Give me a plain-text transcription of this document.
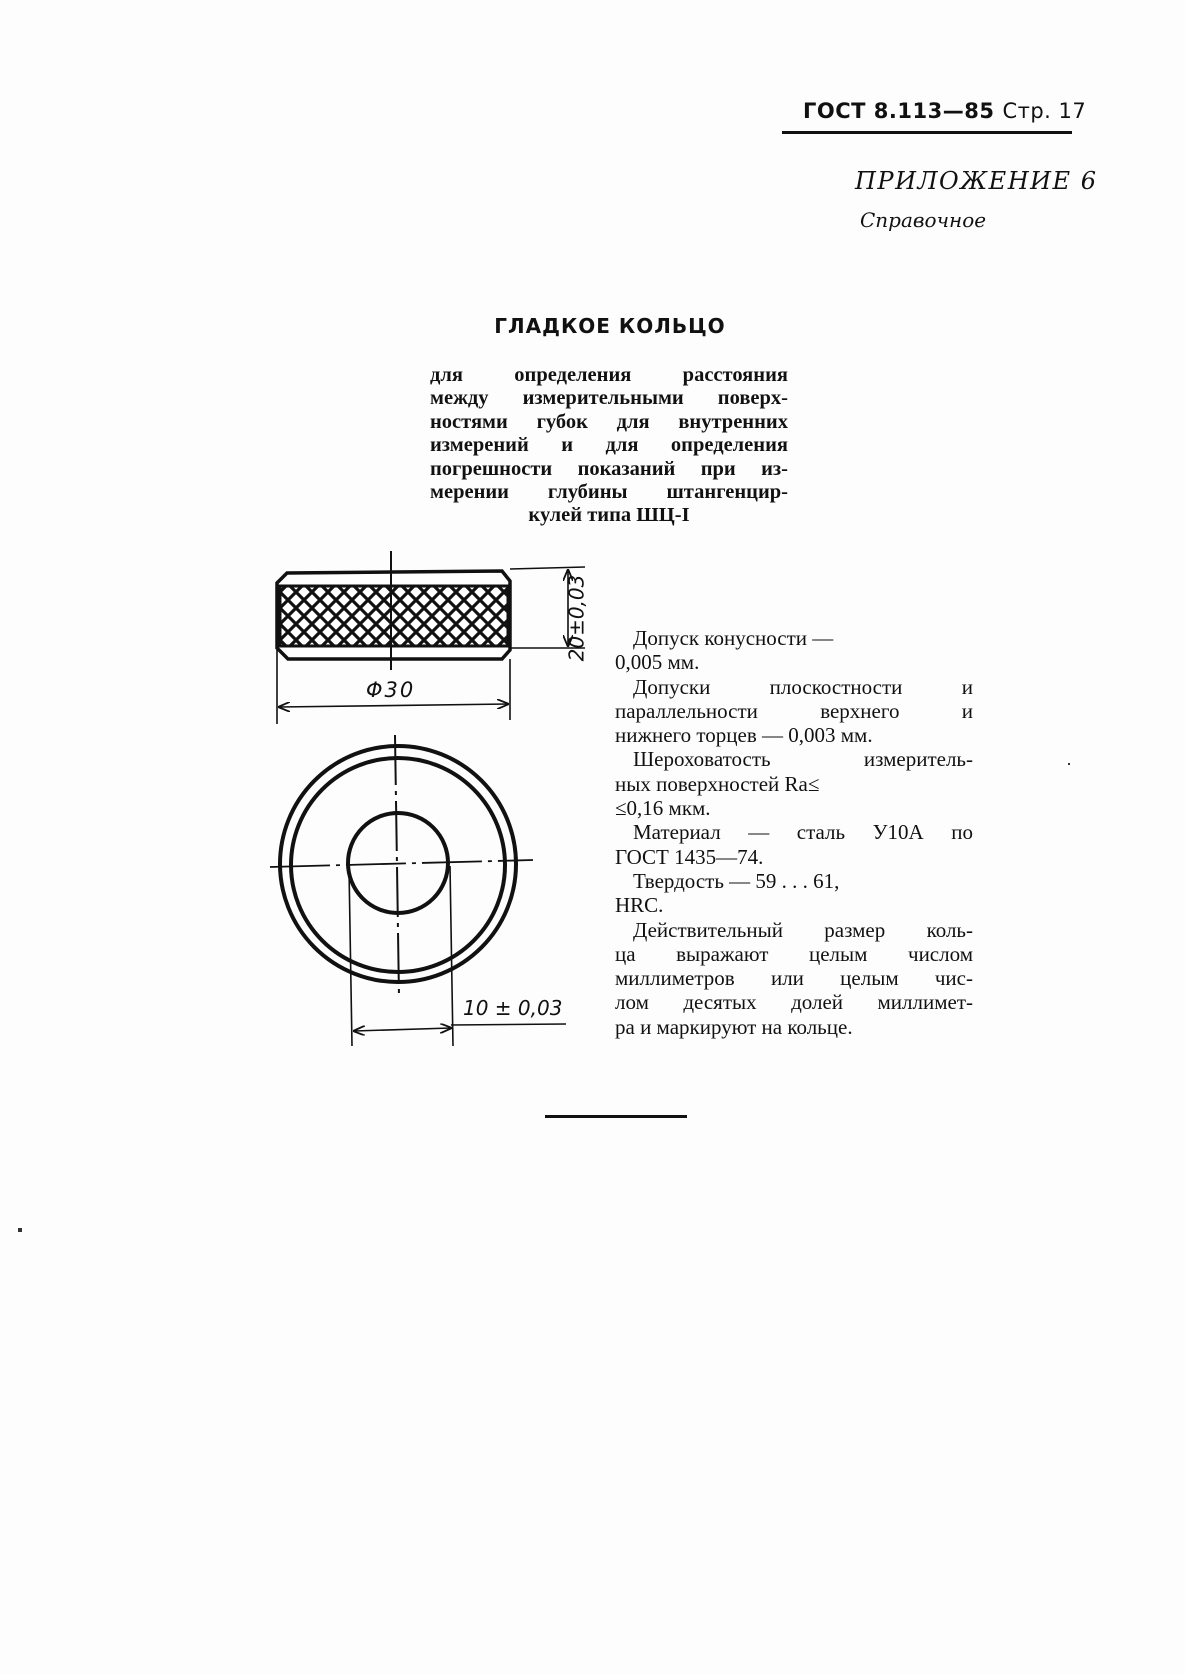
ГОСТ 8.113—85 Стр. 17
ПРИЛОЖЕНИЕ 6
Справочное
ГЛАДКОЕ КОЛЬЦО
для определения расстояния
между измерительными поверх-
ностями губок для внутренних
измерений и для определения
погрешности показаний при из-
мерении глубины штангенцир-
кулей типа ШЦ-I
20±0,03
Φ30
10 ± 0,03
Допуск конусности —
0,005 мм.
Допуски плоскостности и
параллельности верхнего и
нижнего торцев — 0,003 мм.
Шероховатость измеритель-
ных поверхностей Ra≤
≤0,16 мкм.
Материал — сталь У10А по
ГОСТ 1435—74.
Твердость — 59 . . . 61,
HRC.
Действительный размер коль-
ца выражают целым числом
миллиметров или целым чис-
лом десятых долей миллимет-
ра и маркируют на кольце.
